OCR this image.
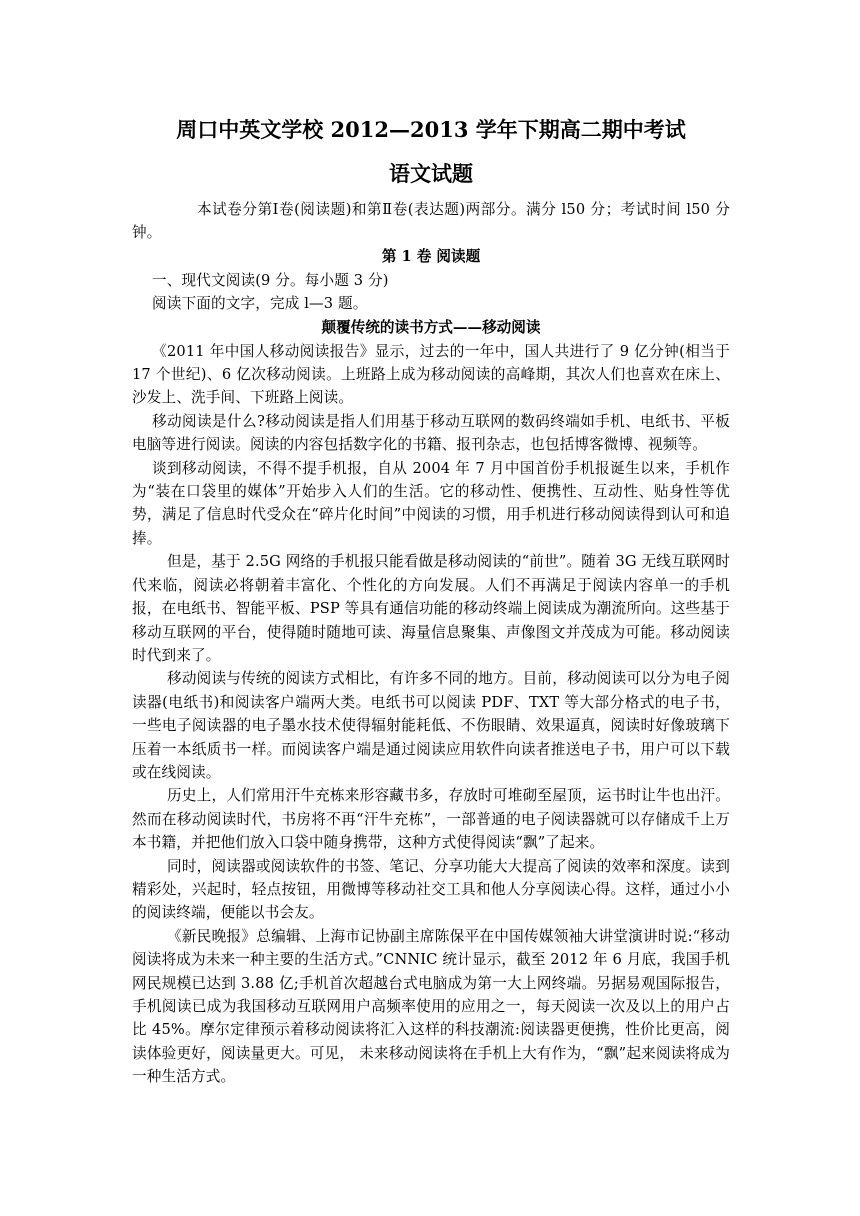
周口中英文学校 2012—2013 学年下期高二期中考试
语文试题

本试卷分第Ⅰ卷(阅读题)和第Ⅱ卷(表达题)两部分。满分 l50 分；考试时间 l50 分钟。

第 1 卷 阅读题

一、现代文阅读(9 分。每小题 3 分)

阅读下面的文字，完成 l—3 题。

颠覆传统的读书方式——移动阅读

《2011 年中国人移动阅读报告》显示，过去的一年中，国人共进行了 9 亿分钟(相当于 17 个世纪)、6 亿次移动阅读。上班路上成为移动阅读的高峰期，其次人们也喜欢在床上、沙发上、洗手间、下班路上阅读。

移动阅读是什么?移动阅读是指人们用基于移动互联网的数码终端如手机、电纸书、平板电脑等进行阅读。阅读的内容包括数字化的书籍、报刊杂志，也包括博客微博、视频等。

谈到移动阅读，不得不提手机报，自从 2004 年 7 月中国首份手机报诞生以来，手机作为“装在口袋里的媒体”开始步入人们的生活。它的移动性、便携性、互动性、贴身性等优势，满足了信息时代受众在“碎片化时间”中阅读的习惯，用手机进行移动阅读得到认可和追捧。

但是，基于 2.5G 网络的手机报只能看做是移动阅读的“前世”。随着 3G 无线互联网时代来临，阅读必将朝着丰富化、个性化的方向发展。人们不再满足于阅读内容单一的手机报，在电纸书、智能平板、PSP 等具有通信功能的移动终端上阅读成为潮流所向。这些基于移动互联网的平台，使得随时随地可读、海量信息聚集、声像图文并茂成为可能。移动阅读时代到来了。

移动阅读与传统的阅读方式相比，有许多不同的地方。目前，移动阅读可以分为电子阅读器(电纸书)和阅读客户端两大类。电纸书可以阅读 PDF、TXT 等大部分格式的电子书，一些电子阅读器的电子墨水技术使得辐射能耗低、不伤眼睛、效果逼真，阅读时好像玻璃下压着一本纸质书一样。而阅读客户端是通过阅读应用软件向读者推送电子书，用户可以下载或在线阅读。

历史上，人们常用汗牛充栋来形容藏书多，存放时可堆砌至屋顶，运书时让牛也出汗。然而在移动阅读时代，书房将不再“汗牛充栋”，一部普通的电子阅读器就可以存储成千上万本书籍，并把他们放入口袋中随身携带，这种方式使得阅读“飘”了起来。

同时，阅读器或阅读软件的书签、笔记、分享功能大大提高了阅读的效率和深度。读到精彩处，兴起时，轻点按钮，用微博等移动社交工具和他人分享阅读心得。这样，通过小小的阅读终端，便能以书会友。

《新民晚报》总编辑、上海市记协副主席陈保平在中国传媒领袖大讲堂演讲时说:“移动阅读将成为未来一种主要的生活方式。”CNNIC 统计显示，截至 2012 年 6 月底，我国手机网民规模已达到 3.88 亿;手机首次超越台式电脑成为第一大上网终端。另据易观国际报告，手机阅读已成为我国移动互联网用户高频率使用的应用之一，每天阅读一次及以上的用户占比 45%。摩尔定律预示着移动阅读将汇入这样的科技潮流:阅读器更便携，性价比更高，阅读体验更好，阅读量更大。可见， 未来移动阅读将在手机上大有作为，“飘”起来阅读将成为一种生活方式。
